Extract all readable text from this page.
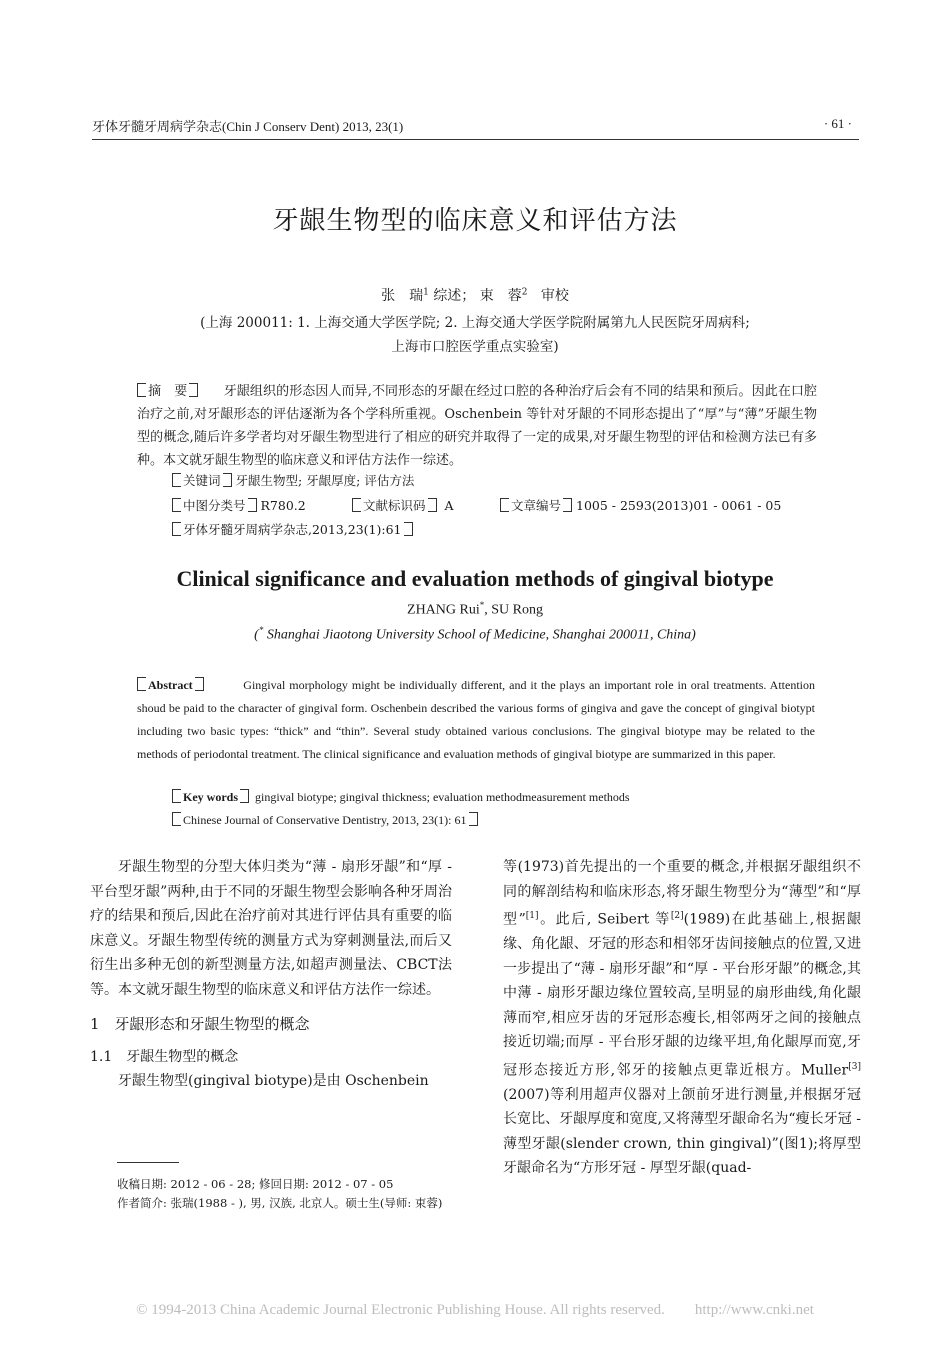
牙体牙髓牙周病学杂志(Chin J Conserv Dent) 2013, 23(1)	· 61 ·
牙龈生物型的临床意义和评估方法
张　瑞$^1$ 综述； 束　蓉$^2$ 审校
(上海 200011: 1. 上海交通大学医学院; 2. 上海交通大学医学院附属第九人民医院牙周病科;
上海市口腔医学重点实验室)
摘　要	牙龈组织的形态因人而异,不同形态的牙龈在经过口腔的各种治疗后会有不同的结果和预后。因此在口腔治疗之前,对牙龈形态的评估逐渐为各个学科所重视。Oschenbein 等针对牙龈的不同形态提出了“厚”与“薄”牙龈生物型的概念,随后许多学者均对牙龈生物型进行了相应的研究并取得了一定的成果,对牙龈生物型的评估和检测方法已有多种。本文就牙龈生物型的临床意义和评估方法作一综述。
关键词 牙龈生物型; 牙龈厚度; 评估方法
中图分类号 R780.2	文献标识码 A	文章编号 1005 - 2593(2013)01 - 0061 - 05
牙体牙髓牙周病学杂志,2013,23(1):61
Clinical significance and evaluation methods of gingival biotype
ZHANG Rui*, SU Rong
(* Shanghai Jiaotong University School of Medicine, Shanghai 200011, China)
Abstract	Gingival morphology might be individually different, and it the plays an important role in oral treatments. Attention shoud be paid to the character of gingival form. Oschenbein described the various forms of gingiva and gave the concept of gingival biotypt including two basic types: “thick” and “thin”. Several study obtained various conclusions. The gingival biotype may be related to the methods of periodontal treatment. The clinical significance and evaluation methods of gingival biotype are summarized in this paper.
Key words gingival biotype; gingival thickness; evaluation methodmeasurement methods
Chinese Journal of Conservative Dentistry, 2013, 23(1): 61
牙龈生物型的分型大体归类为“薄 - 扇形牙龈”和“厚 - 平台型牙龈”两种,由于不同的牙龈生物型会影响各种牙周治疗的结果和预后,因此在治疗前对其进行评估具有重要的临床意义。牙龈生物型传统的测量方式为穿刺测量法,而后又衍生出多种无创的新型测量方法,如超声测量法、CBCT法等。本文就牙龈生物型的临床意义和评估方法作一综述。
1　牙龈形态和牙龈生物型的概念
1.1　牙龈生物型的概念
牙龈生物型(gingival biotype)是由 Oschenbein
等(1973)首先提出的一个重要的概念,并根据牙龈组织不同的解剖结构和临床形态,将牙龈生物型分为“薄型”和“厚型”[1]。此后, Seibert 等[2](1989)在此基础上,根据龈缘、角化龈、牙冠的形态和相邻牙齿间接触点的位置,又进一步提出了“薄 - 扇形牙龈”和“厚 - 平台形牙龈”的概念,其中薄 - 扇形牙龈边缘位置较高,呈明显的扇形曲线,角化龈薄而窄,相应牙齿的牙冠形态瘦长,相邻两牙之间的接触点接近切端;而厚 - 平台形牙龈的边缘平坦,角化龈厚而宽,牙冠形态接近方形,邻牙的接触点更靠近根方。Muller[3](2007)等利用超声仪器对上颌前牙进行测量,并根据牙冠长宽比、牙龈厚度和宽度,又将薄型牙龈命名为“瘦长牙冠 - 薄型牙龈(slender crown, thin gingival)”(图1);将厚型牙龈命名为“方形牙冠 - 厚型牙龈(quad-
收稿日期: 2012 - 06 - 28; 修回日期: 2012 - 07 - 05
作者简介: 张瑞(1988 - ), 男, 汉族, 北京人。硕士生(导师: 束蓉)
© 1994-2013 China Academic Journal Electronic Publishing House. All rights reserved.　　http://www.cnki.net
